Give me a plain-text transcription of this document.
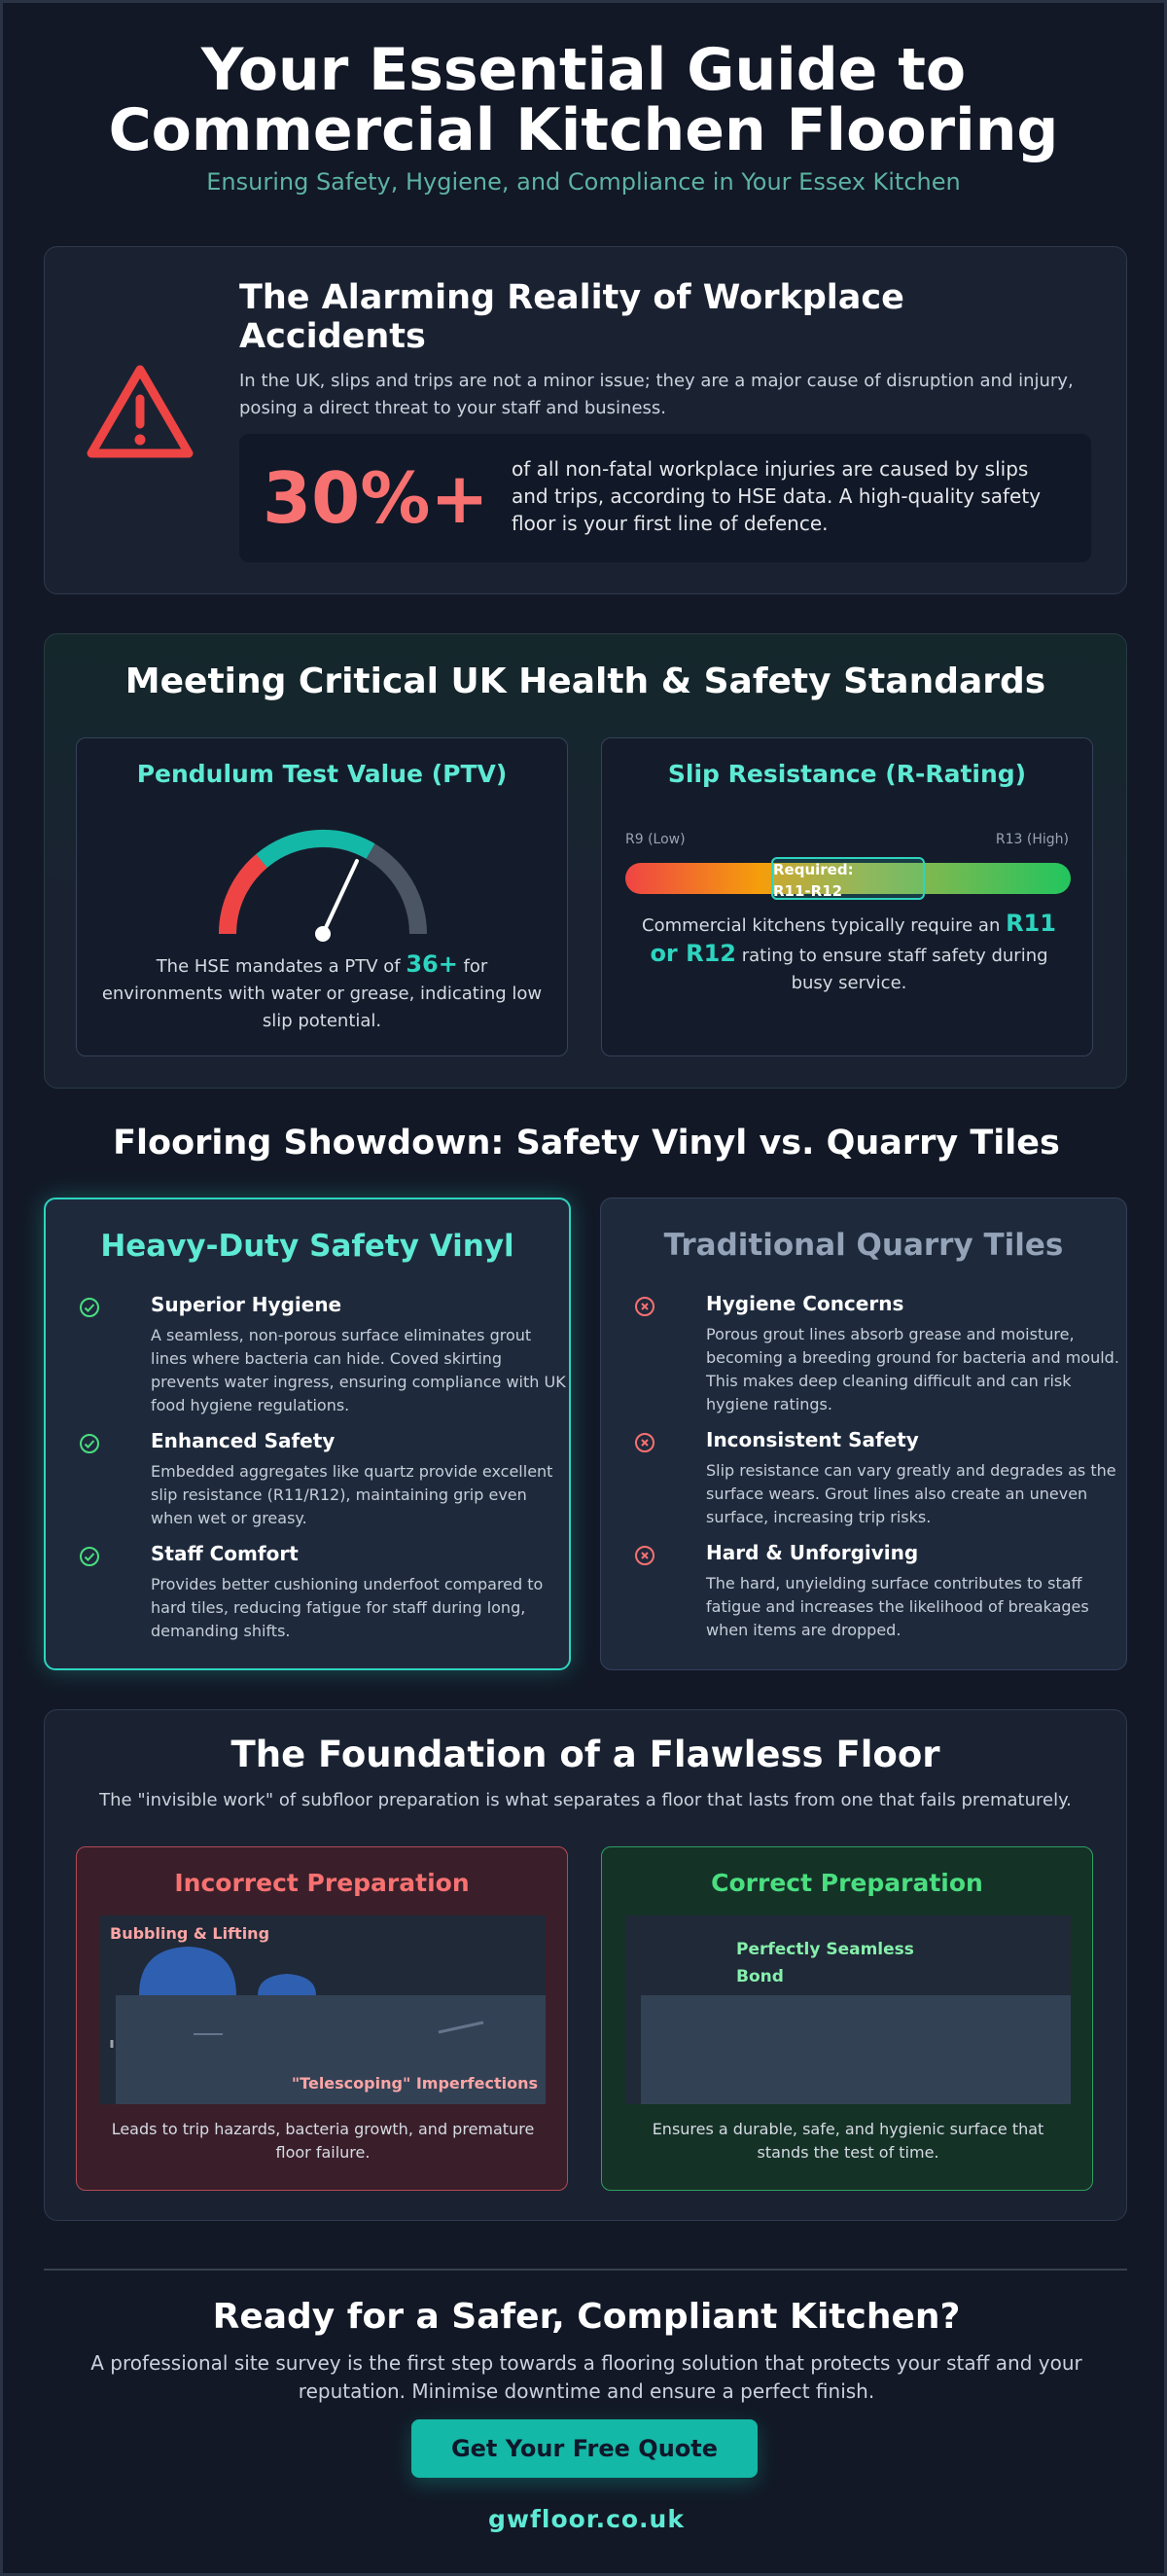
Your Essential Guide to
Commercial Kitchen Flooring
Ensuring Safety, Hygiene, and Compliance in Your Essex Kitchen
The Alarming Reality of Workplace Accidents
In the UK, slips and trips are not a minor issue; they are a major cause of disruption and injury, posing a direct threat to your staff and business.
30%+ of all non-fatal workplace injuries are caused by slips and trips, according to HSE data. A high-quality safety floor is your first line of defence.
Meeting Critical UK Health & Safety Standards
Pendulum Test Value (PTV)
The HSE mandates a PTV of 36+ for environments with water or grease, indicating low slip potential.
Slip Resistance (R-Rating)
R9 (Low)	R13 (High)
Required: R11-R12
Commercial kitchens typically require an R11 or R12 rating to ensure staff safety during busy service.
Flooring Showdown: Safety Vinyl vs. Quarry Tiles
Heavy-Duty Safety Vinyl
Superior Hygiene
A seamless, non-porous surface eliminates grout lines where bacteria can hide. Coved skirting prevents water ingress, ensuring compliance with UK food hygiene regulations.
Enhanced Safety
Embedded aggregates like quartz provide excellent slip resistance (R11/R12), maintaining grip even when wet or greasy.
Staff Comfort
Provides better cushioning underfoot compared to hard tiles, reducing fatigue for staff during long, demanding shifts.
Traditional Quarry Tiles
Hygiene Concerns
Porous grout lines absorb grease and moisture, becoming a breeding ground for bacteria and mould. This makes deep cleaning difficult and can risk hygiene ratings.
Inconsistent Safety
Slip resistance can vary greatly and degrades as the surface wears. Grout lines also create an uneven surface, increasing trip risks.
Hard & Unforgiving
The hard, unyielding surface contributes to staff fatigue and increases the likelihood of breakages when items are dropped.
The Foundation of a Flawless Floor
The "invisible work" of subfloor preparation is what separates a floor that lasts from one that fails prematurely.
Incorrect Preparation
Bubbling & Lifting
"Telescoping" Imperfections
Leads to trip hazards, bacteria growth, and premature floor failure.
Correct Preparation
Perfectly Seamless
Bond
Ensures a durable, safe, and hygienic surface that stands the test of time.
Ready for a Safer, Compliant Kitchen?
A professional site survey is the first step towards a flooring solution that protects your staff and your reputation. Minimise downtime and ensure a perfect finish.
Get Your Free Quote
gwfloor.co.uk
